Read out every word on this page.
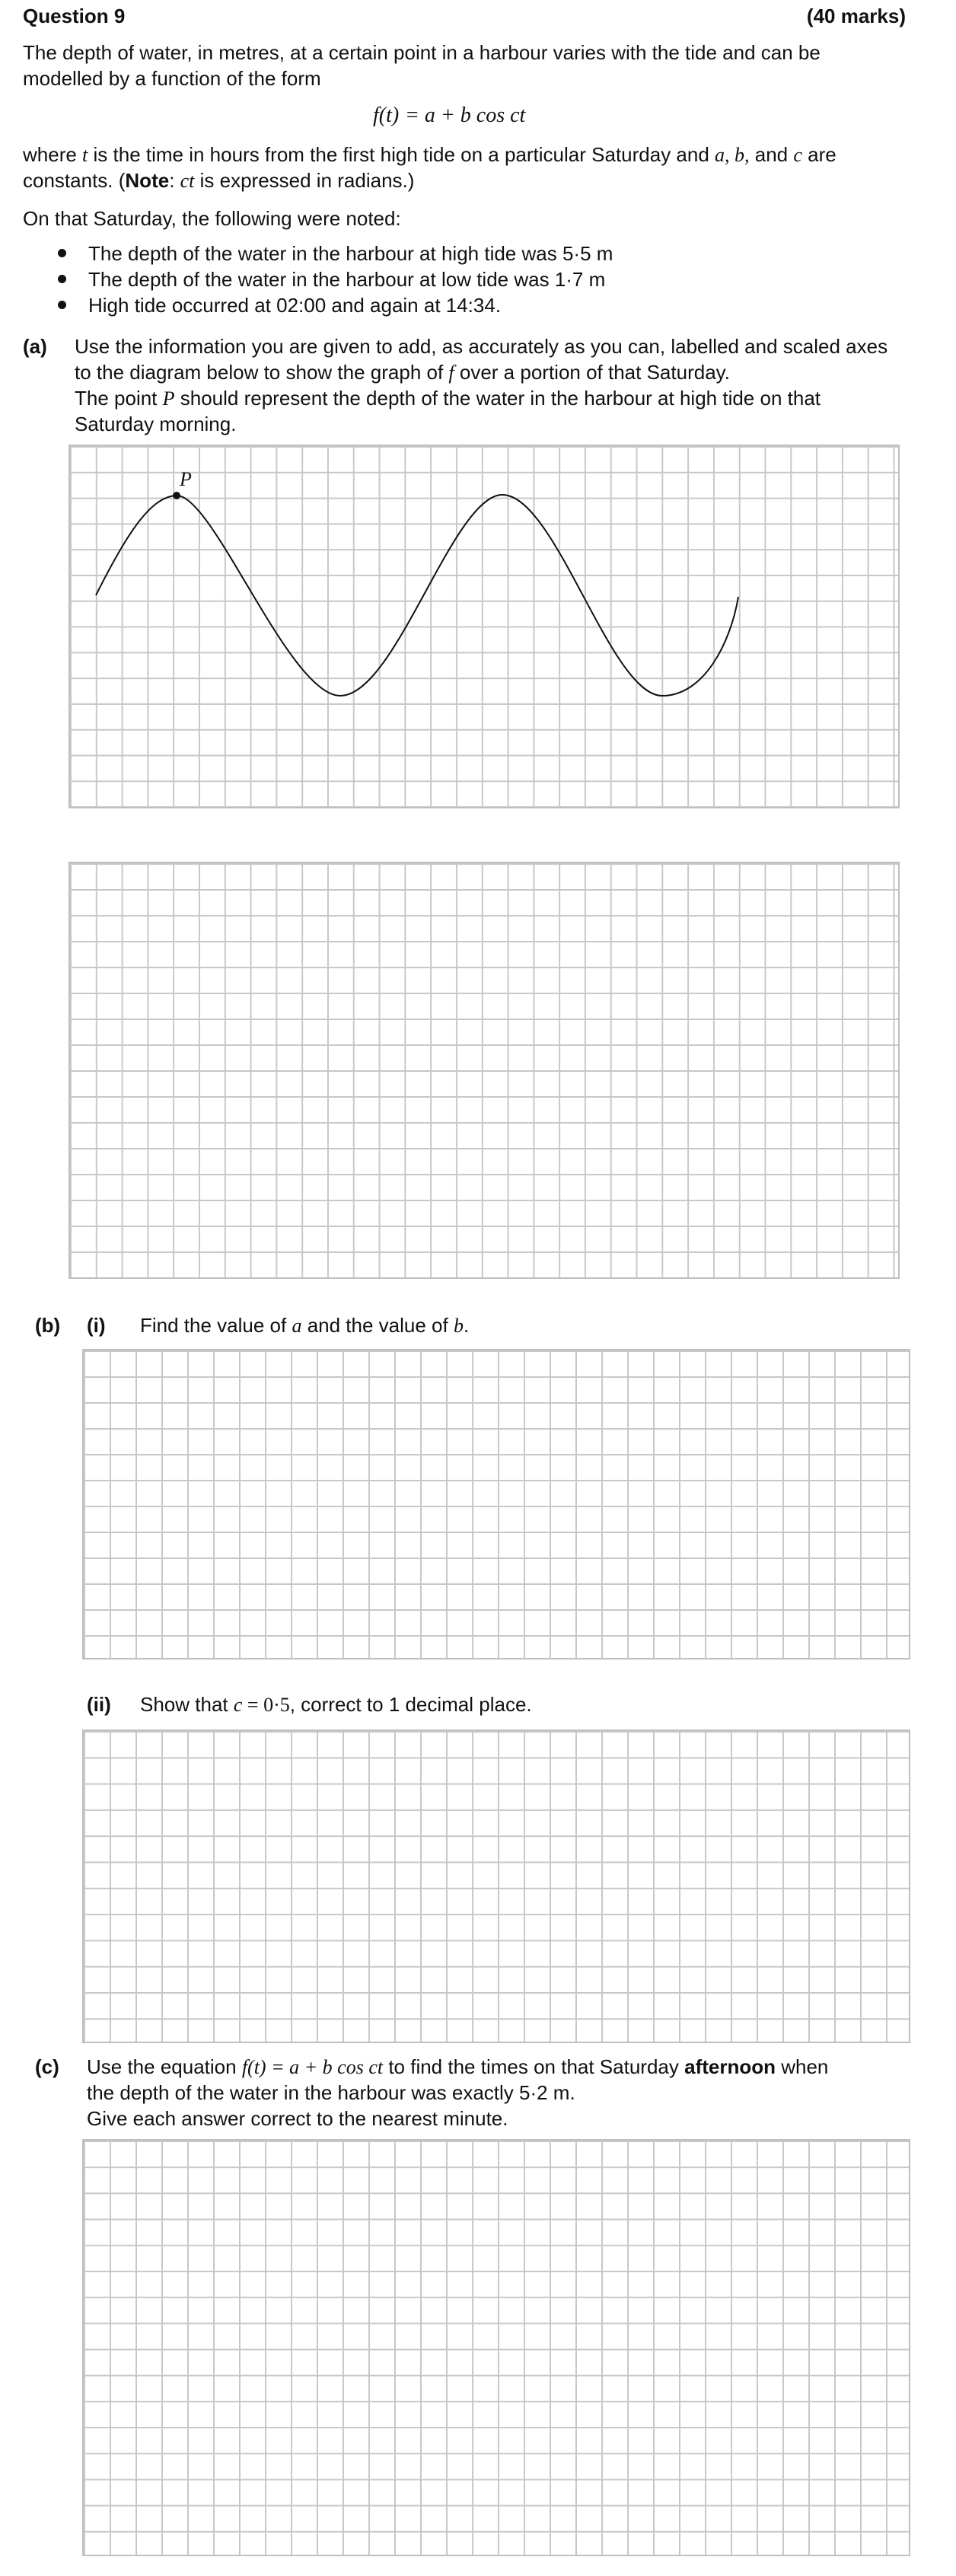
Question 9	(40 marks)
The depth of water, in metres, at a certain point in a harbour varies with the tide and can be
modelled by a function of the form
f(t) = a + b cos ct
where t is the time in hours from the first high tide on a particular Saturday and a, b, and c are
constants. (Note: ct is expressed in radians.)
On that Saturday, the following were noted:
The depth of the water in the harbour at high tide was 5·5 m
The depth of the water in the harbour at low tide was 1·7 m
High tide occurred at 02:00 and again at 14:34.
(a) Use the information you are given to add, as accurately as you can, labelled and scaled axes
to the diagram below to show the graph of f over a portion of that Saturday.
The point P should represent the depth of the water in the harbour at high tide on that
Saturday morning.
P
(b) (i) Find the value of a and the value of b.
(ii) Show that c = 0·5, correct to 1 decimal place.
(c) Use the equation f(t) = a + b cos ct to find the times on that Saturday afternoon when
the depth of the water in the harbour was exactly 5·2 m.
Give each answer correct to the nearest minute.
